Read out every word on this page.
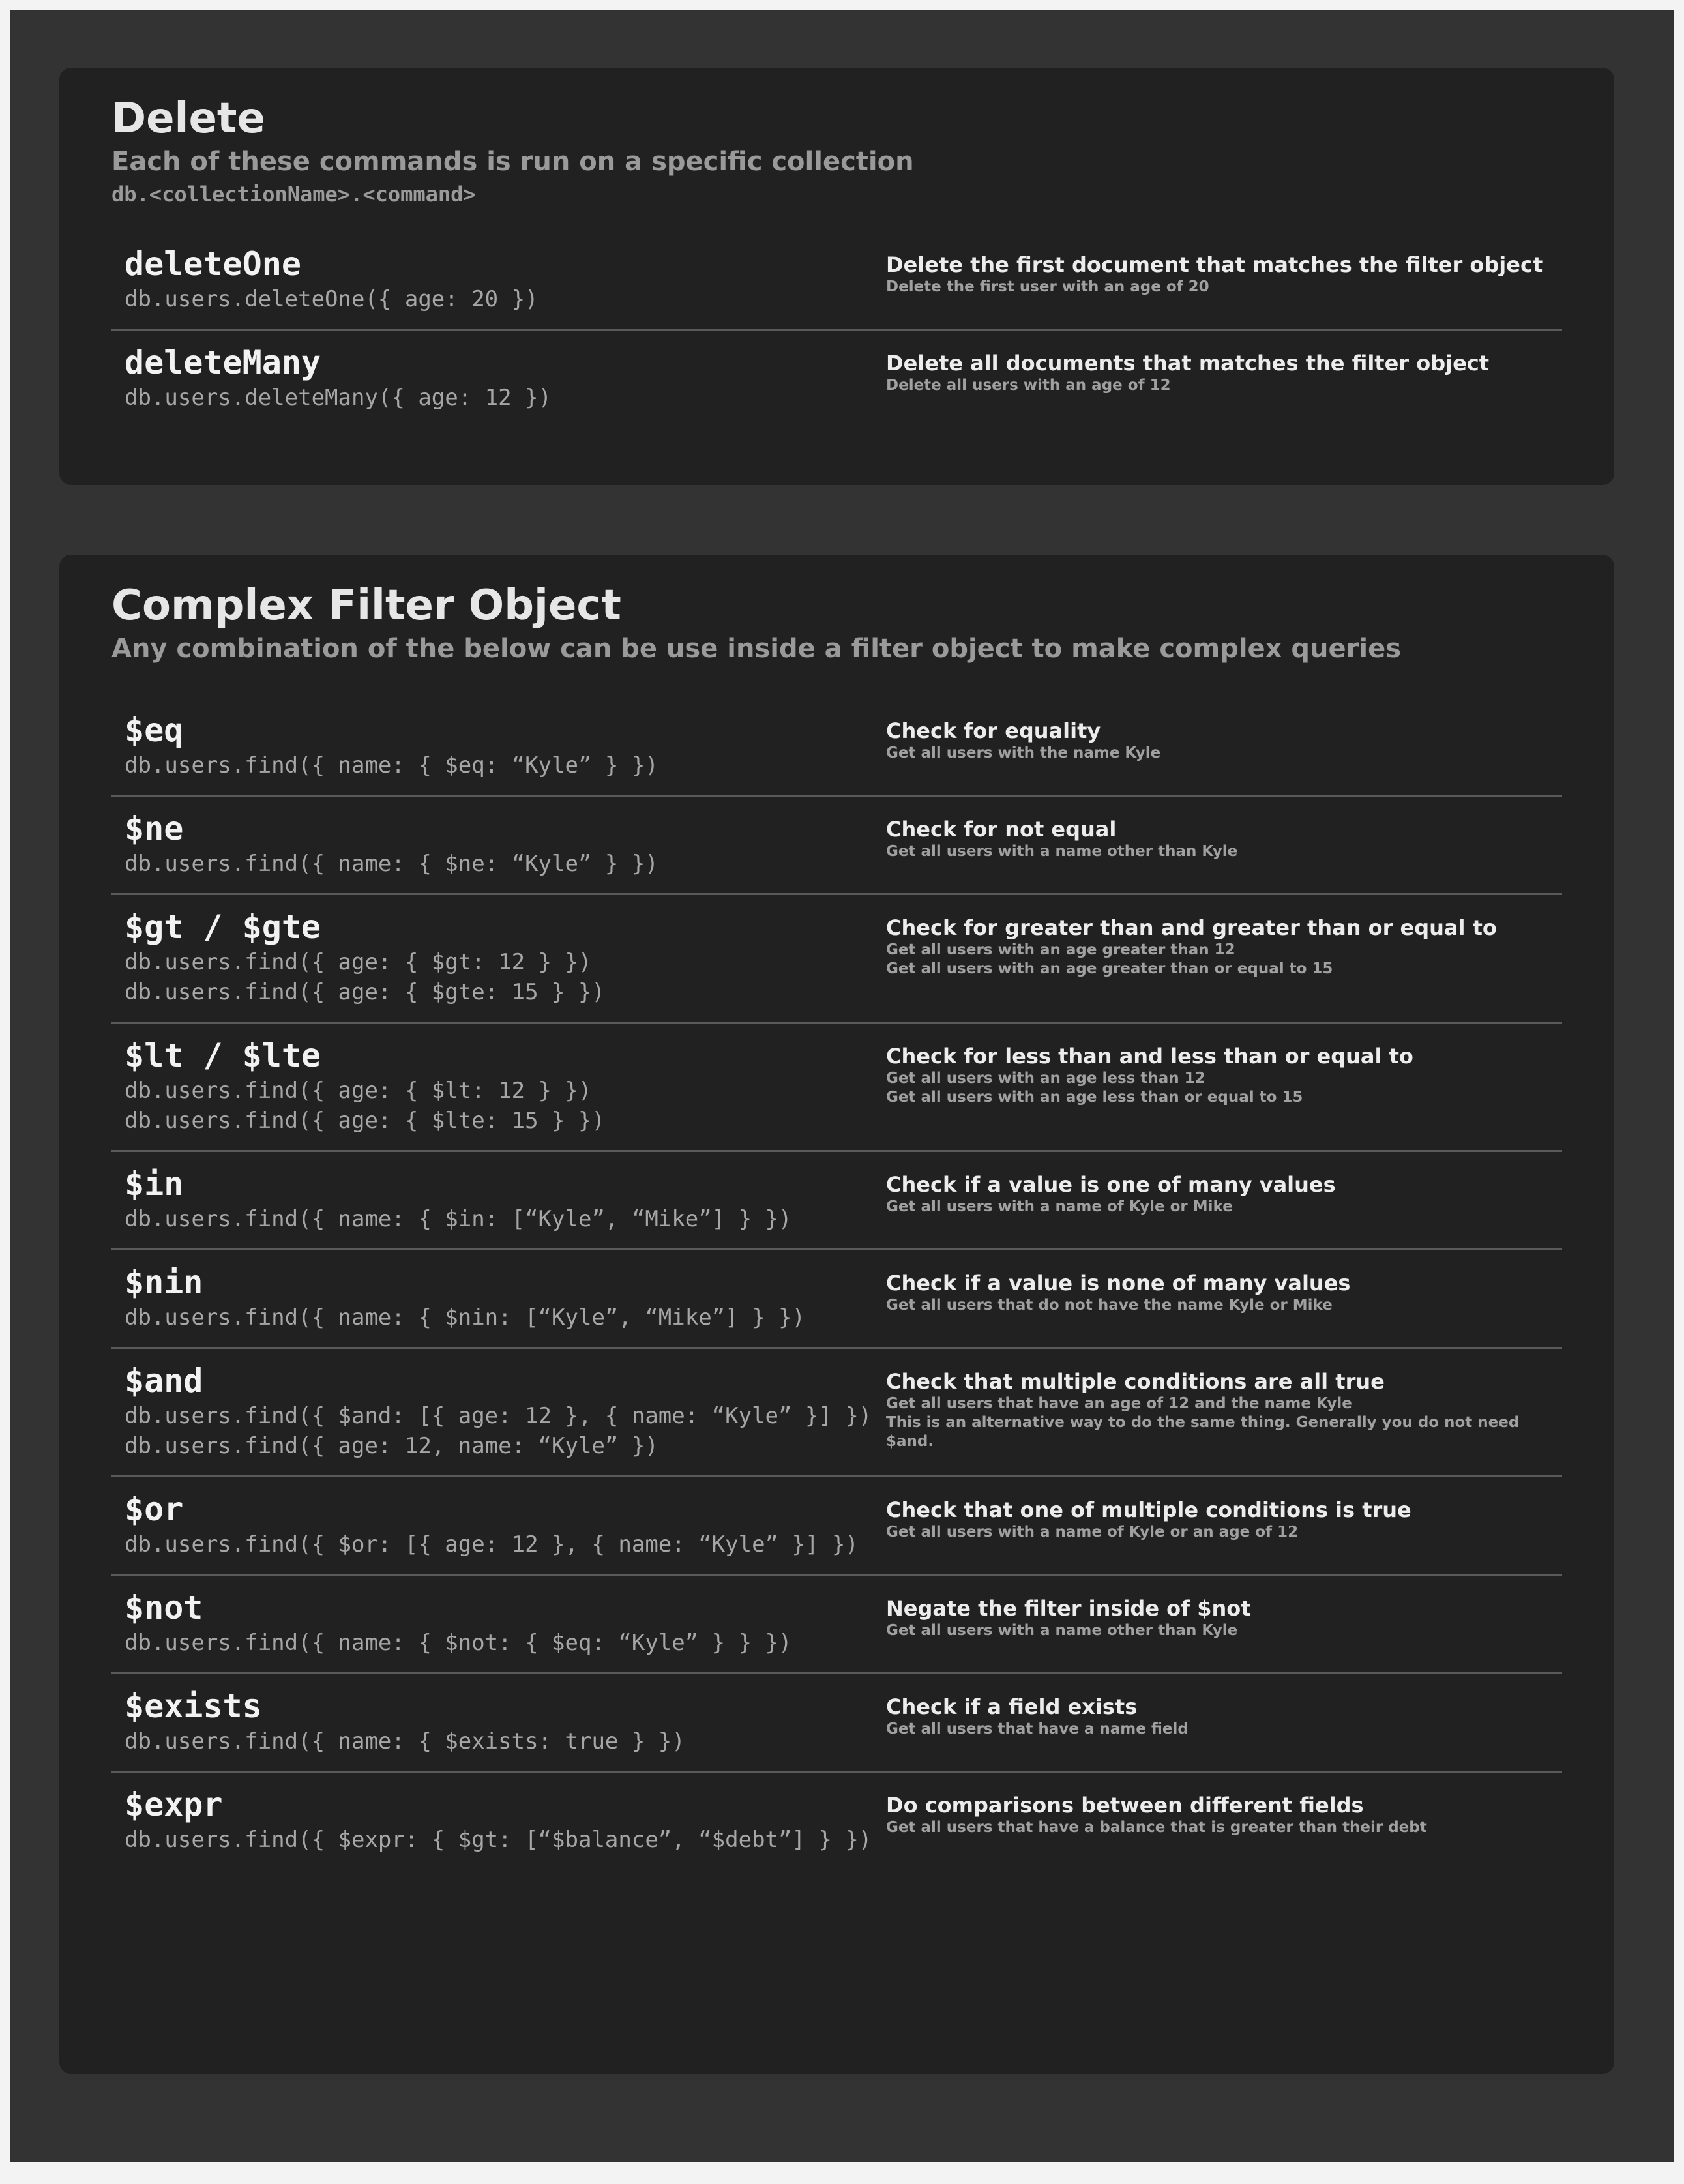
Delete
Each of these commands is run on a specific collection
db.<collectionName>.<command>
deleteOne
db.users.deleteOne({ age: 20 })
Delete the first document that matches the filter object
Delete the first user with an age of 20
deleteMany
db.users.deleteMany({ age: 12 })
Delete all documents that matches the filter object
Delete all users with an age of 12
Complex Filter Object
Any combination of the below can be use inside a filter object to make complex queries
$eq
db.users.find({ name: { $eq: “Kyle” } })
Check for equality
Get all users with the name Kyle
$ne
db.users.find({ name: { $ne: “Kyle” } })
Check for not equal
Get all users with a name other than Kyle
$gt / $gte
db.users.find({ age: { $gt: 12 } })
db.users.find({ age: { $gte: 15 } })
Check for greater than and greater than or equal to
Get all users with an age greater than 12
Get all users with an age greater than or equal to 15
$lt / $lte
db.users.find({ age: { $lt: 12 } })
db.users.find({ age: { $lte: 15 } })
Check for less than and less than or equal to
Get all users with an age less than 12
Get all users with an age less than or equal to 15
$in
db.users.find({ name: { $in: [“Kyle”, “Mike”] } })
Check if a value is one of many values
Get all users with a name of Kyle or Mike
$nin
db.users.find({ name: { $nin: [“Kyle”, “Mike”] } })
Check if a value is none of many values
Get all users that do not have the name Kyle or Mike
$and
db.users.find({ $and: [{ age: 12 }, { name: “Kyle” }] })
db.users.find({ age: 12, name: “Kyle” })
Check that multiple conditions are all true
Get all users that have an age of 12 and the name Kyle
This is an alternative way to do the same thing. Generally you do not need $and.
$or
db.users.find({ $or: [{ age: 12 }, { name: “Kyle” }] })
Check that one of multiple conditions is true
Get all users with a name of Kyle or an age of 12
$not
db.users.find({ name: { $not: { $eq: “Kyle” } } })
Negate the filter inside of $not
Get all users with a name other than Kyle
$exists
db.users.find({ name: { $exists: true } })
Check if a field exists
Get all users that have a name field
$expr
db.users.find({ $expr: { $gt: [“$balance”, “$debt”] } })
Do comparisons between different fields
Get all users that have a balance that is greater than their debt
